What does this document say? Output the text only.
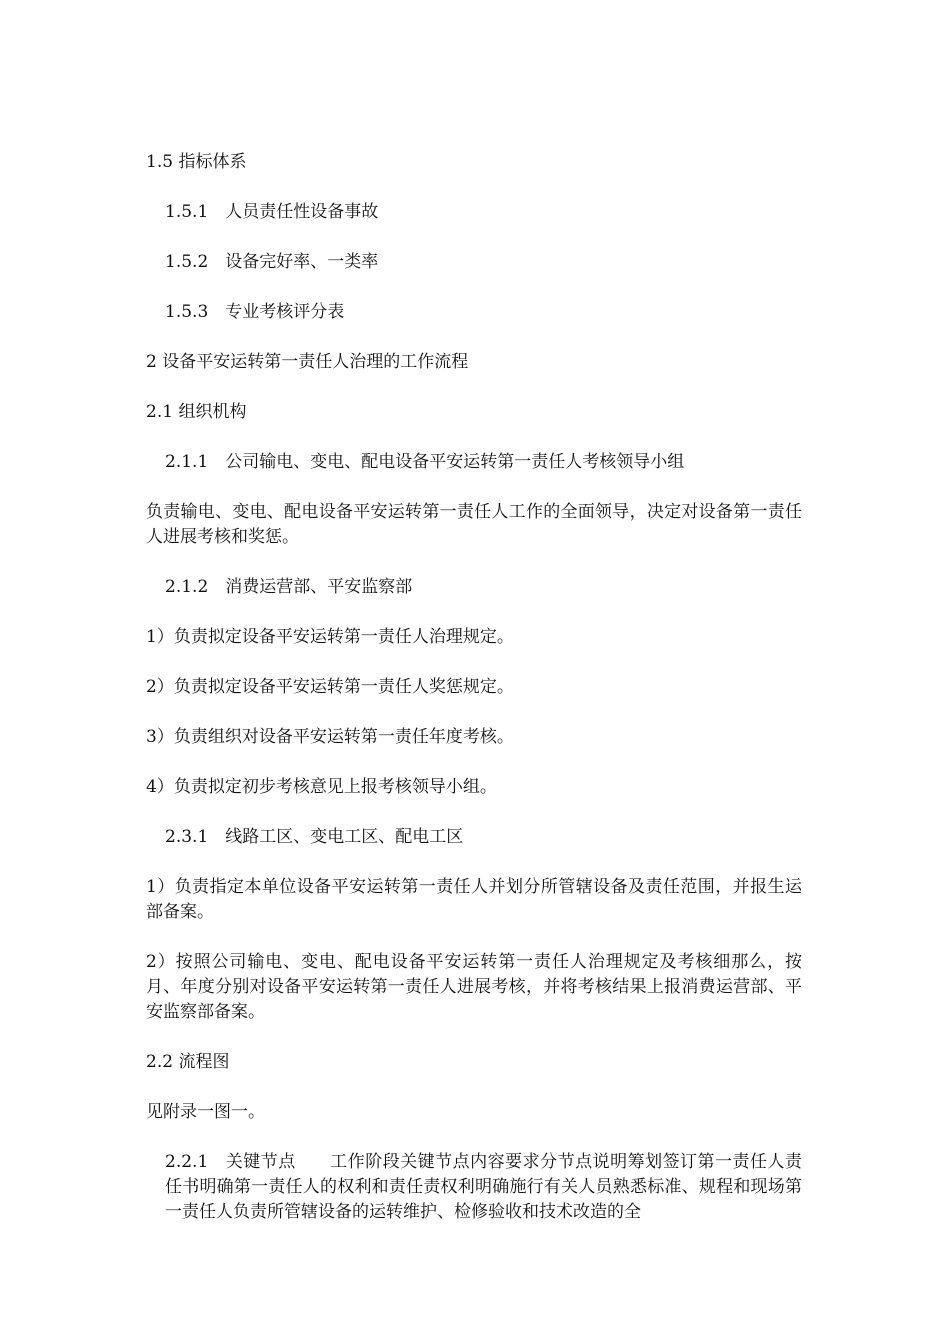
1.5 指标体系

1.5.1 人员责任性设备事故

1.5.2 设备完好率、一类率

1.5.3 专业考核评分表

2 设备平安运转第一责任人治理的工作流程

2.1 组织机构

2.1.1 公司输电、变电、配电设备平安运转第一责任人考核领导小组

负责输电、变电、配电设备平安运转第一责任人工作的全面领导，决定对设备第一责任人进展考核和奖惩。

2.1.2 消费运营部、平安监察部

1）负责拟定设备平安运转第一责任人治理规定。

2）负责拟定设备平安运转第一责任人奖惩规定。

3）负责组织对设备平安运转第一责任年度考核。

4）负责拟定初步考核意见上报考核领导小组。

2.3.1 线路工区、变电工区、配电工区

1）负责指定本单位设备平安运转第一责任人并划分所管辖设备及责任范围，并报生运部备案。

2）按照公司输电、变电、配电设备平安运转第一责任人治理规定及考核细那么，按月、年度分别对设备平安运转第一责任人进展考核，并将考核结果上报消费运营部、平安监察部备案。

2.2 流程图

见附录一图一。

2.2.1 关键节点 工作阶段关键节点内容要求分节点说明筹划签订第一责任人责任书明确第一责任人的权利和责任责权利明确施行有关人员熟悉标准、规程和现场第一责任人负责所管辖设备的运转维护、检修验收和技术改造的全
